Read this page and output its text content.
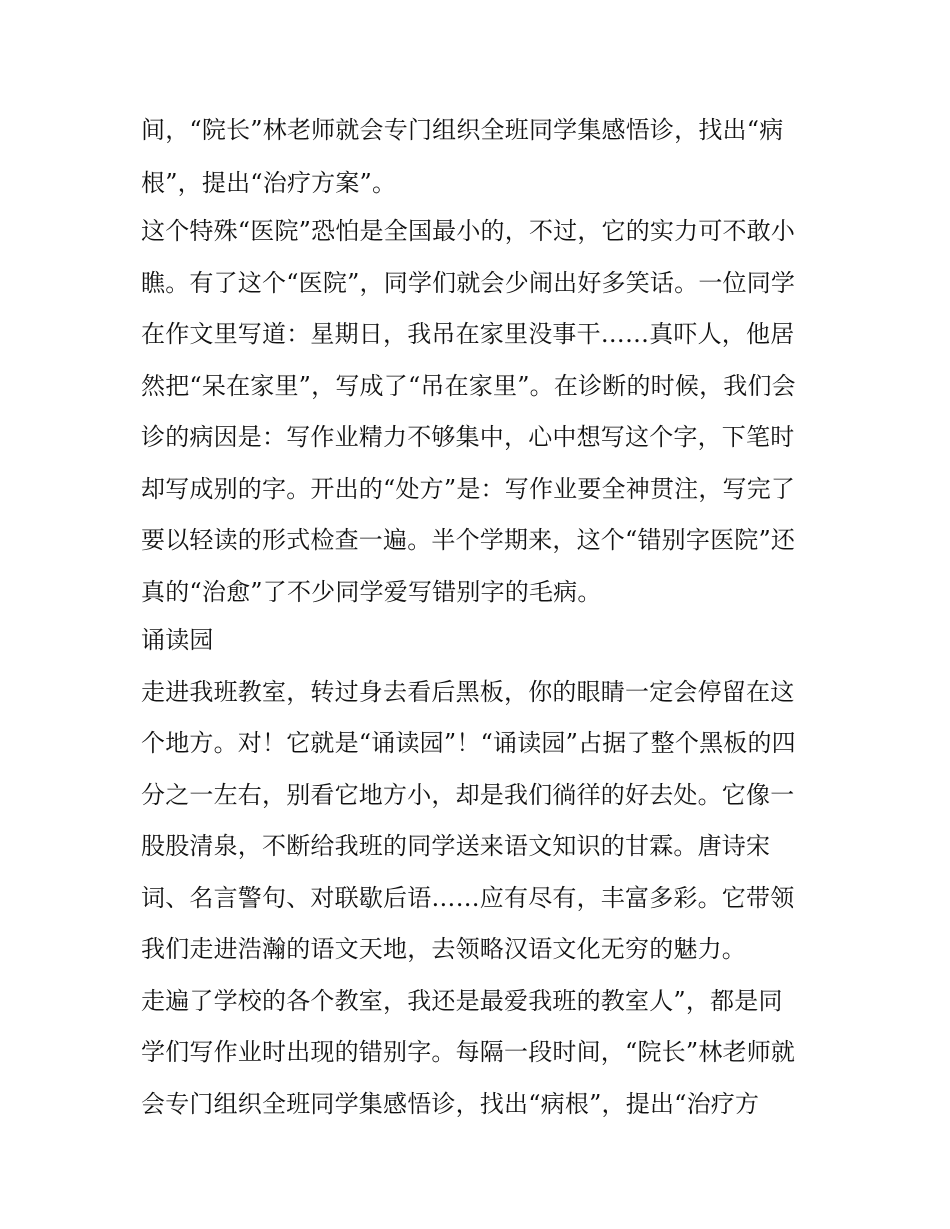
间，“院长”林老师就会专门组织全班同学集感悟诊，找出“病
根”，提出“治疗方案”。
这个特殊“医院”恐怕是全国最小的，不过，它的实力可不敢小
瞧。有了这个“医院”，同学们就会少闹出好多笑话。一位同学
在作文里写道：星期日，我吊在家里没事干……真吓人，他居
然把“呆在家里”，写成了“吊在家里”。在诊断的时候，我们会
诊的病因是：写作业精力不够集中，心中想写这个字，下笔时
却写成别的字。开出的“处方”是：写作业要全神贯注，写完了
要以轻读的形式检查一遍。半个学期来，这个“错别字医院”还
真的“治愈”了不少同学爱写错别字的毛病。
诵读园
走进我班教室，转过身去看后黑板，你的眼睛一定会停留在这
个地方。对！它就是“诵读园”！“诵读园”占据了整个黑板的四
分之一左右，别看它地方小，却是我们徜徉的好去处。它像一
股股清泉，不断给我班的同学送来语文知识的甘霖。唐诗宋
词、名言警句、对联歇后语……应有尽有，丰富多彩。它带领
我们走进浩瀚的语文天地，去领略汉语文化无穷的魅力。
走遍了学校的各个教室，我还是最爱我班的教室人”，都是同
学们写作业时出现的错别字。每隔一段时间，“院长”林老师就
会专门组织全班同学集感悟诊，找出“病根”，提出“治疗方
